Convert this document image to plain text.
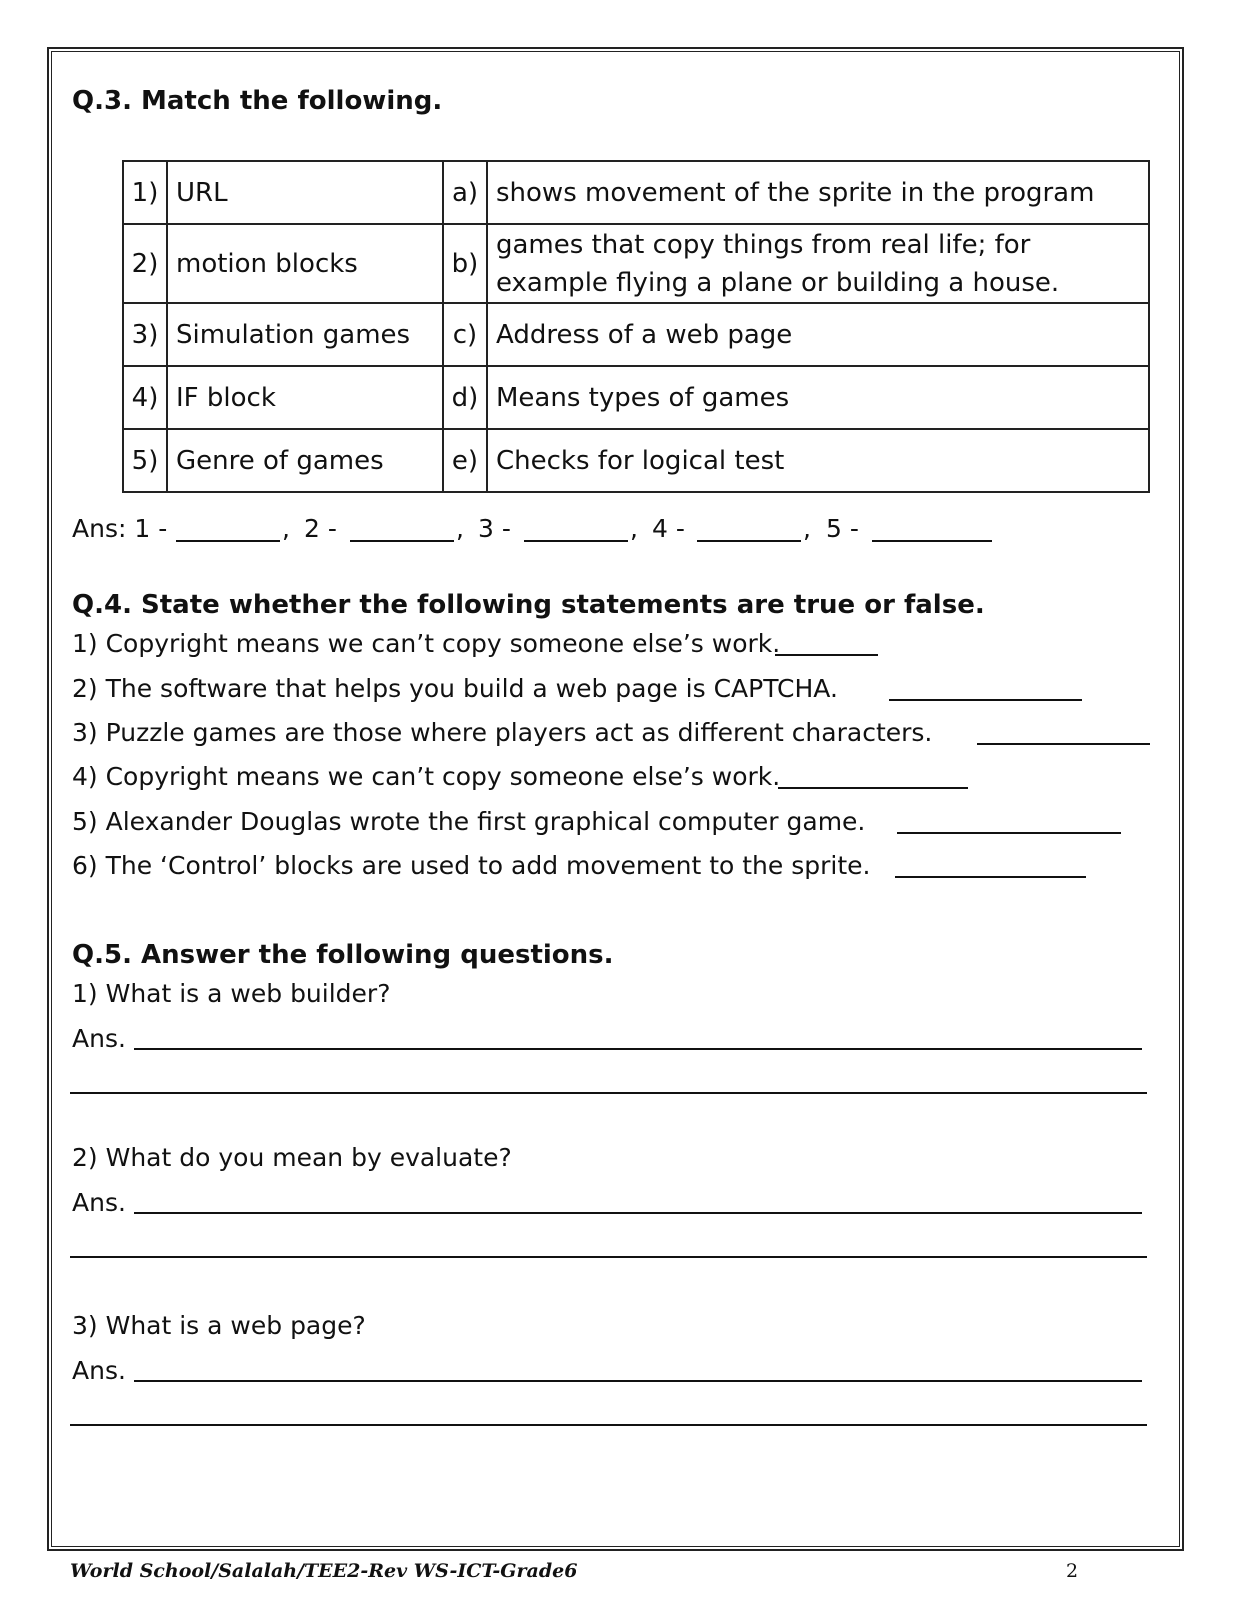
Q.3. Match the following.
1)	URL	a)	shows movement of the sprite in the program
2)	motion blocks	b)	games that copy things from real life; for example flying a plane or building a house.
3)	Simulation games	c)	Address of a web page
4)	IF block	d)	Means types of games
5)	Genre of games	e)	Checks for logical test
Ans: 1 -	, 2 -	, 3 -	, 4 -	, 5 -
Q.4. State whether the following statements are true or false.
1) Copyright means we can’t copy someone else’s work.
2) The software that helps you build a web page is CAPTCHA.
3) Puzzle games are those where players act as different characters.
4) Copyright means we can’t copy someone else’s work.
5) Alexander Douglas wrote the first graphical computer game.
6) The ‘Control’ blocks are used to add movement to the sprite.
Q.5. Answer the following questions.
1) What is a web builder?
Ans.
2) What do you mean by evaluate?
Ans.
3) What is a web page?
Ans.
World School/Salalah/TEE2-Rev WS-ICT-Grade6	2
